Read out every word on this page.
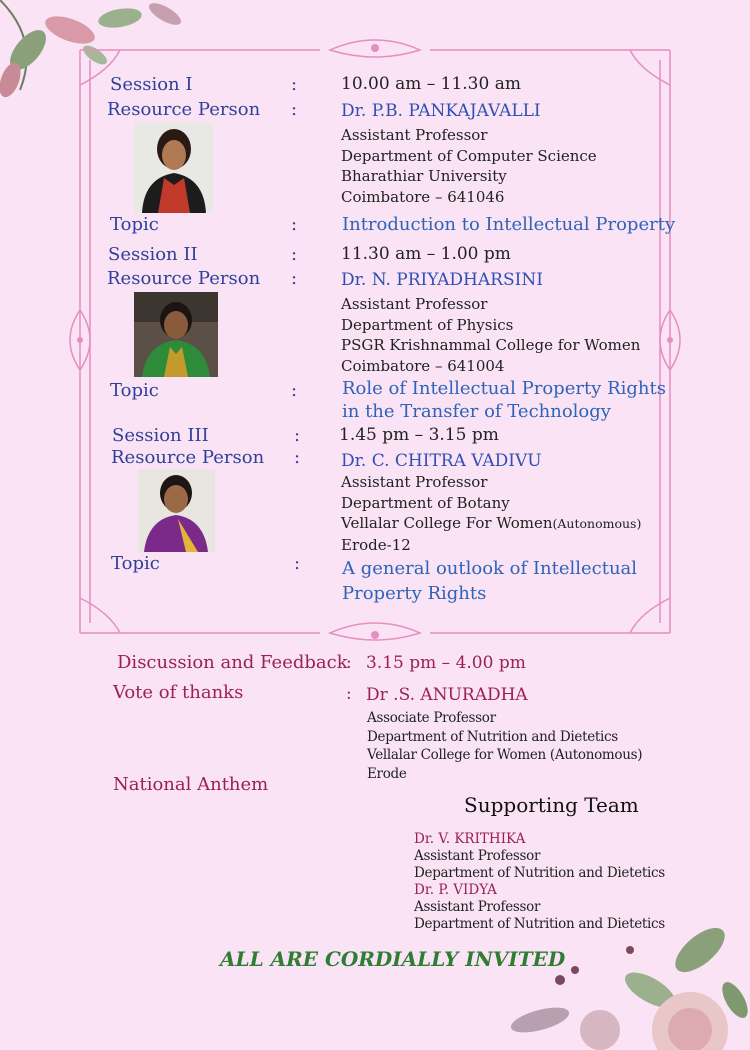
Session I	:	10.00 am – 11.30 am
Resource Person :	Dr. P.B. PANKAJAVALLI
Assistant Professor
Department of Computer Science
Bharathiar University
Coimbatore – 641046
Topic	: Introduction to Intellectual Property
Session II	:	11.30 am – 1.00 pm
Resource Person :	Dr. N. PRIYADHARSINI
Assistant Professor
Department of Physics
PSGR Krishnammal College for Women
Coimbatore – 641004
Topic	: Role of Intellectual Property Rights
in the Transfer of Technology
Session III	: 1.45 pm – 3.15 pm
Resource Person : Dr. C. CHITRA VADIVU
Assistant Professor
Department of Botany
Vellalar College For Women(Autonomous)
Erode-12
Topic	: A general outlook of Intellectual
Property Rights
Discussion and Feedback
: 3.15 pm – 4.00 pm
Vote of thanks	: Dr .S. ANURADHA
Associate Professor
Department of Nutrition and Dietetics
Vellalar College for Women (Autonomous)
Erode
National Anthem
Supporting Team
Dr. V. KRITHIKA
Assistant Professor
Department of Nutrition and Dietetics
Dr. P. VIDYA
Assistant Professor
Department of Nutrition and Dietetics
ALL ARE CORDIALLY INVITED
